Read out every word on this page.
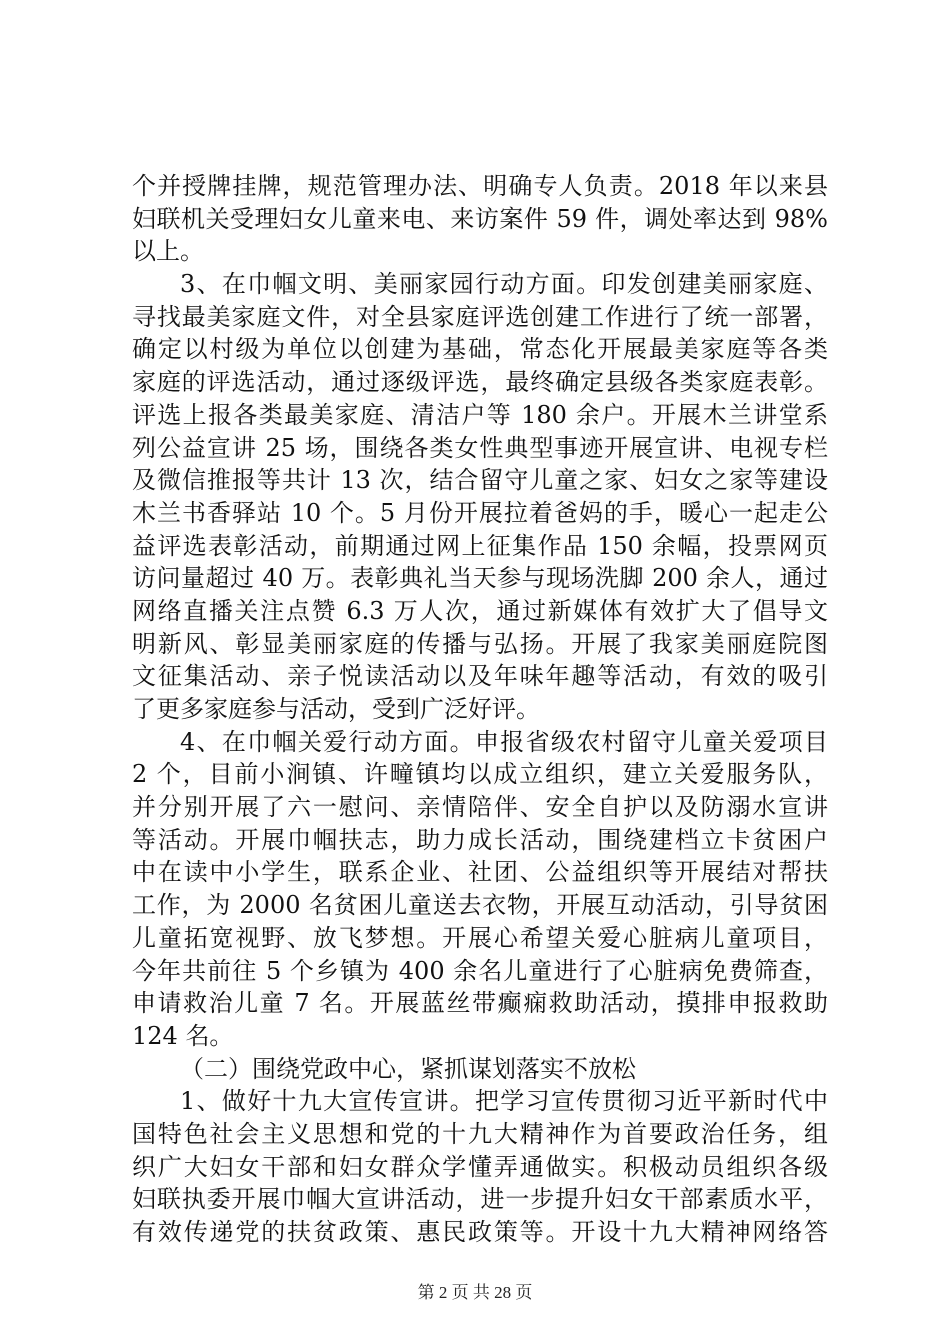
个并授牌挂牌，规范管理办法、明确专人负责。2018 年以来县
妇联机关受理妇女儿童来电、来访案件 59 件，调处率达到 98%
以上。
3、在巾帼文明、美丽家园行动方面。印发创建美丽家庭、
寻找最美家庭文件，对全县家庭评选创建工作进行了统一部署，
确定以村级为单位以创建为基础，常态化开展最美家庭等各类
家庭的评选活动，通过逐级评选，最终确定县级各类家庭表彰。
评选上报各类最美家庭、清洁户等 180 余户。开展木兰讲堂系
列公益宣讲 25 场，围绕各类女性典型事迹开展宣讲、电视专栏
及微信推报等共计 13 次，结合留守儿童之家、妇女之家等建设
木兰书香驿站 10 个。5 月份开展拉着爸妈的手，暖心一起走公
益评选表彰活动，前期通过网上征集作品 150 余幅，投票网页
访问量超过 40 万。表彰典礼当天参与现场洗脚 200 余人，通过
网络直播关注点赞 6.3 万人次，通过新媒体有效扩大了倡导文
明新风、彰显美丽家庭的传播与弘扬。开展了我家美丽庭院图
文征集活动、亲子悦读活动以及年味年趣等活动，有效的吸引
了更多家庭参与活动，受到广泛好评。
4、在巾帼关爱行动方面。申报省级农村留守儿童关爱项目
2 个，目前小涧镇、许疃镇均以成立组织，建立关爱服务队，
并分别开展了六一慰问、亲情陪伴、安全自护以及防溺水宣讲
等活动。开展巾帼扶志，助力成长活动，围绕建档立卡贫困户
中在读中小学生，联系企业、社团、公益组织等开展结对帮扶
工作，为 2000 名贫困儿童送去衣物，开展互动活动，引导贫困
儿童拓宽视野、放飞梦想。开展心希望关爱心脏病儿童项目，
今年共前往 5 个乡镇为 400 余名儿童进行了心脏病免费筛查，
申请救治儿童 7 名。开展蓝丝带癫痫救助活动，摸排申报救助
124 名。
（二）围绕党政中心，紧抓谋划落实不放松
1、做好十九大宣传宣讲。把学习宣传贯彻习近平新时代中
国特色社会主义思想和党的十九大精神作为首要政治任务，组
织广大妇女干部和妇女群众学懂弄通做实。积极动员组织各级
妇联执委开展巾帼大宣讲活动，进一步提升妇女干部素质水平，
有效传递党的扶贫政策、惠民政策等。开设十九大精神网络答
第 2 页 共 28 页
